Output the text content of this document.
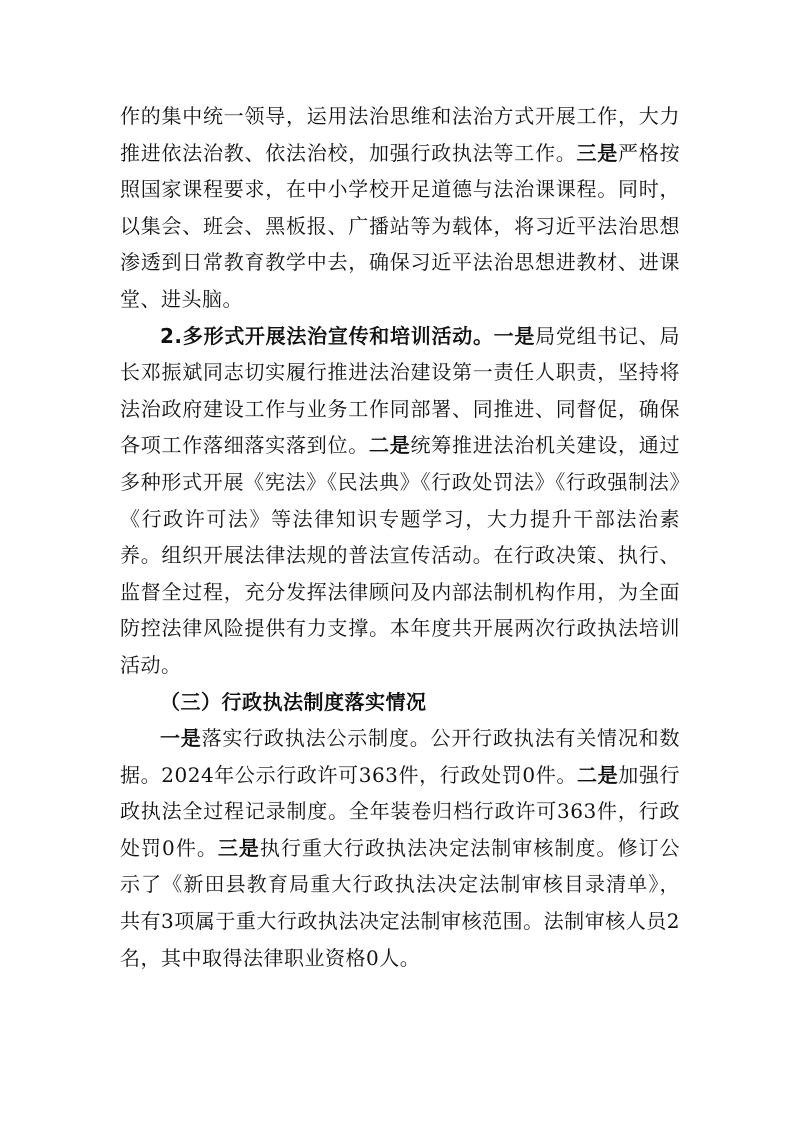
作的集中统一领导，运用法治思维和法治方式开展工作，大力推进依法治教、依法治校，加强行政执法等工作。三是严格按照国家课程要求，在中小学校开足道德与法治课课程。同时，以集会、班会、黑板报、广播站等为载体，将习近平法治思想渗透到日常教育教学中去，确保习近平法治思想进教材、进课堂、进头脑。

2.多形式开展法治宣传和培训活动。一是局党组书记、局长邓振斌同志切实履行推进法治建设第一责任人职责，坚持将法治政府建设工作与业务工作同部署、同推进、同督促，确保各项工作落细落实落到位。二是统筹推进法治机关建设，通过多种形式开展《宪法》《民法典》《行政处罚法》《行政强制法》《行政许可法》等法律知识专题学习，大力提升干部法治素养。组织开展法律法规的普法宣传活动。在行政决策、执行、监督全过程，充分发挥法律顾问及内部法制机构作用，为全面防控法律风险提供有力支撑。本年度共开展两次行政执法培训活动。

（三）行政执法制度落实情况

一是落实行政执法公示制度。公开行政执法有关情况和数据。2024年公示行政许可363件，行政处罚0件。二是加强行政执法全过程记录制度。全年装卷归档行政许可363件，行政处罚0件。三是执行重大行政执法决定法制审核制度。修订公示了《新田县教育局重大行政执法决定法制审核目录清单》，共有3项属于重大行政执法决定法制审核范围。法制审核人员2名，其中取得法律职业资格0人。
